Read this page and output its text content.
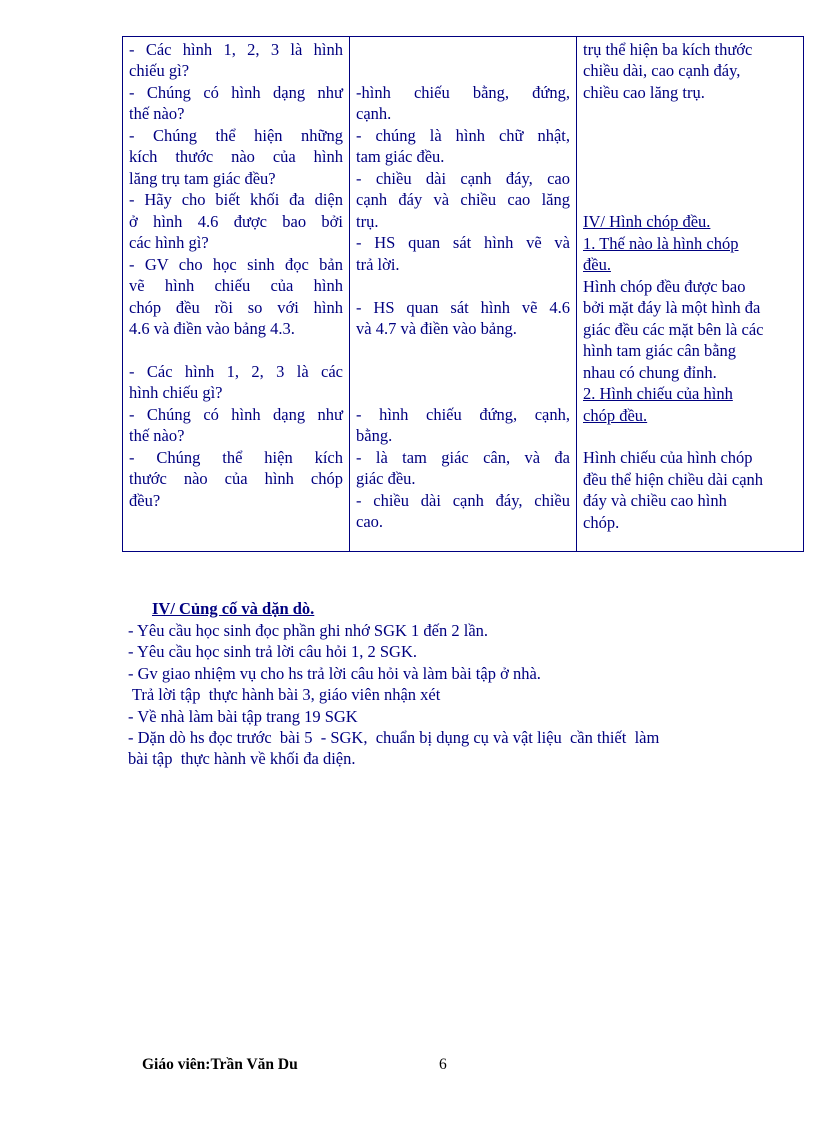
- Các hình 1, 2, 3 là hình
chiếu gì?
- Chúng có hình dạng như
thế nào?
- Chúng thể hiện những
kích thước nào của hình
lăng trụ tam giác đều?
- Hãy cho biết khối đa diện
ở hình 4.6 được bao bởi
các hình gì?
- GV cho học sinh đọc bản
vẽ hình chiếu của hình
chóp đều rồi so với hình
4.6 và điền vào bảng 4.3.
- Các hình 1, 2, 3 là các
hình chiếu gì?
- Chúng có hình dạng như
thế nào?
- Chúng thể hiện kích
thước nào của hình chóp
đều?
-hình chiếu bằng, đứng,
cạnh.
- chúng là hình chữ nhật,
tam giác đều.
- chiều dài cạnh đáy, cao
cạnh đáy và chiều cao lăng
trụ.
- HS quan sát hình vẽ và
trả lời.
- HS quan sát hình vẽ 4.6
và 4.7 và điền vào bảng.
- hình chiếu đứng, cạnh,
bằng.
- là tam giác cân, và đa
giác đều.
- chiều dài cạnh đáy, chiều
cao.
trụ thể hiện ba kích thước
chiều dài, cao cạnh đáy,
chiều cao lăng trụ.
IV/ Hình chóp đều.
1. Thế nào là hình chóp
đều.
Hình chóp đều được bao
bởi mặt đáy là một hình đa
giác đều các mặt bên là các
hình tam giác cân bằng
nhau có chung đỉnh.
2. Hình chiếu của hình
chóp đều.
Hình chiếu của hình chóp
đều thể hiện chiều dài cạnh
đáy và chiều cao hình
chóp.
IV/ Củng cố và dặn dò.
- Yêu cầu học sinh đọc phần ghi nhớ SGK 1 đến 2 lần.
- Yêu cầu học sinh trả lời câu hỏi 1, 2 SGK.
- Gv giao nhiệm vụ cho hs trả lời câu hỏi và làm bài tập ở nhà.
Trả lời tập  thực hành bài 3, giáo viên nhận xét
- Về nhà làm bài tập trang 19 SGK
- Dặn dò hs đọc trước  bài 5  - SGK,  chuẩn bị dụng cụ và vật liệu  cần thiết  làm
bài tập  thực hành về khối đa diện.
Giáo viên:Trần Văn Du	6
